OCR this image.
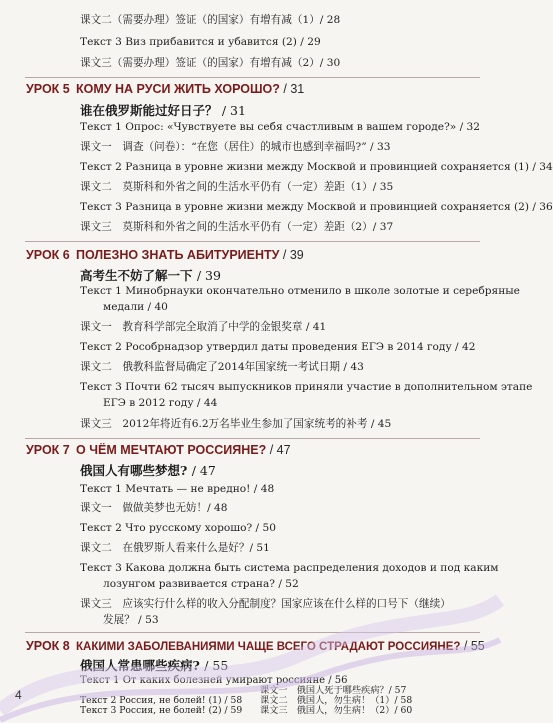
课文二（需要办理）签证（的国家）有增有减（1）/ 28
Текст 3 Виз прибавится и убавится (2) / 29
课文三（需要办理）签证（的国家）有增有减（2）/ 30
УРОК 5 КОМУ НА РУСИ ЖИТЬ ХОРОШО? / 31
谁在俄罗斯能过好日子？ / 31
Текст 1 Опрос: «Чувствуете вы себя счастливым в вашем городе?» / 32
课文一　调查（问卷）：“在您（居住）的城市也感到幸福吗?” / 33
Текст 2 Разница в уровне жизни между Москвой и провинцией сохраняется (1) / 34
课文二　莫斯科和外省之间的生活水平仍有（一定）差距（1）/ 35
Текст 3 Разница в уровне жизни между Москвой и провинцией сохраняется (2) / 36
课文三　莫斯科和外省之间的生活水平仍有（一定）差距（2）/ 37
УРОК 6 ПОЛЕЗНО ЗНАТЬ АБИТУРИЕНТУ / 39
高考生不妨了解一下 / 39
Текст 1 Минобрнауки окончательно отменило в школе золотые и серебряные
медали / 40
课文一　教育科学部完全取消了中学的金银奖章 / 41
Текст 2 Рособрнадзор утвердил даты проведения ЕГЭ в 2014 году / 42
课文二　俄教科监督局确定了2014年国家统一考试日期 / 43
Текст 3 Почти 62 тысяч выпускников приняли участие в дополнительном этапе
ЕГЭ в 2012 году / 44
课文三　2012年将近有6.2万名毕业生参加了国家统考的补考 / 45
УРОК 7 О ЧЁМ МЕЧТАЮТ РОССИЯНЕ? / 47
俄国人有哪些梦想? / 47
Текст 1 Мечтать — не вредно! / 48
课文一　做做美梦也无妨！/ 48
Текст 2 Что русскому хорошо? / 50
课文二　在俄罗斯人看来什么是好？/ 51
Текст 3 Какова должна быть система распределения доходов и под каким
лозунгом развивается страна? / 52
课文三　应该实行什么样的收入分配制度？国家应该在什么样的口号下（继续）
发展？ / 53
УРОК 8 КАКИМИ ЗАБОЛЕВАНИЯМИ ЧАЩЕ ВСЕГО СТРАДАЮТ РОССИЯНЕ? / 55
俄国人常患哪些疾病? / 55
Текст 1 От каких болезней умирают россияне / 56
课文一　俄国人死于哪些疾病？/ 57
Текст 2 Россия, не болей! (1) / 58 课文二　俄国人，勿生病！（1）/ 58
Текст 3 Россия, не болей! (2) / 59 课文三　俄国人，勿生病！（2）/ 60
4
